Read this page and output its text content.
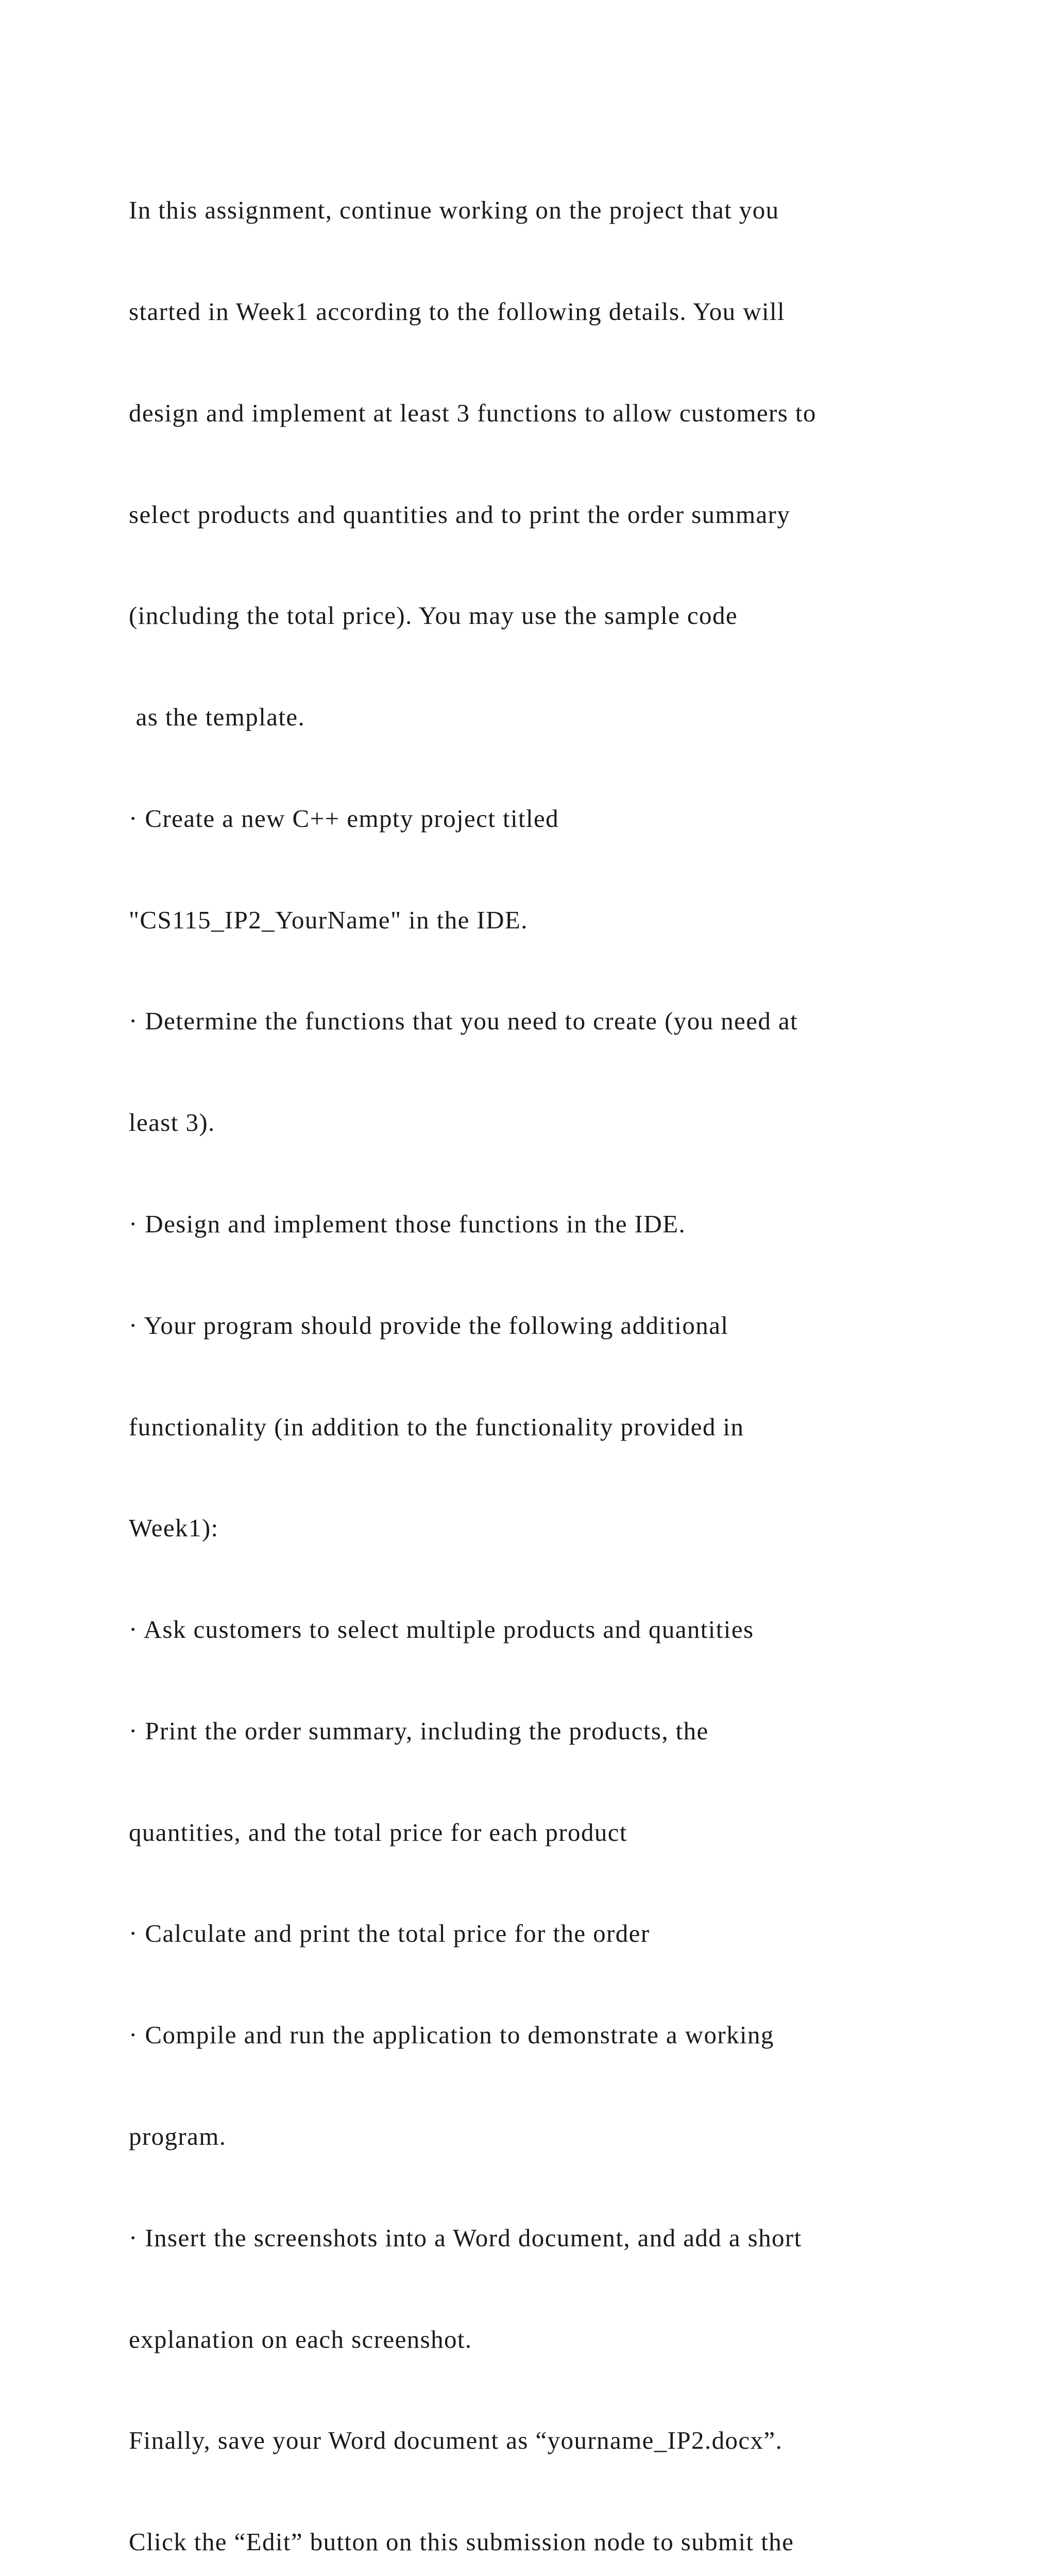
In this assignment, continue working on the project that you

started in Week1 according to the following details. You will

design and implement at least 3 functions to allow customers to

select products and quantities and to print the order summary

(including the total price). You may use the sample code

as the template.

· Create a new C++ empty project titled

"CS115_IP2_YourName" in the IDE.

· Determine the functions that you need to create (you need at

least 3).

· Design and implement those functions in the IDE.

· Your program should provide the following additional

functionality (in addition to the functionality provided in

Week1):

· Ask customers to select multiple products and quantities

· Print the order summary, including the products, the

quantities, and the total price for each product

· Calculate and print the total price for the order

· Compile and run the application to demonstrate a working

program.

· Insert the screenshots into a Word document, and add a short

explanation on each screenshot.

Finally, save your Word document as “yourname_IP2.docx”.

Click the “Edit” button on this submission node to submit the
